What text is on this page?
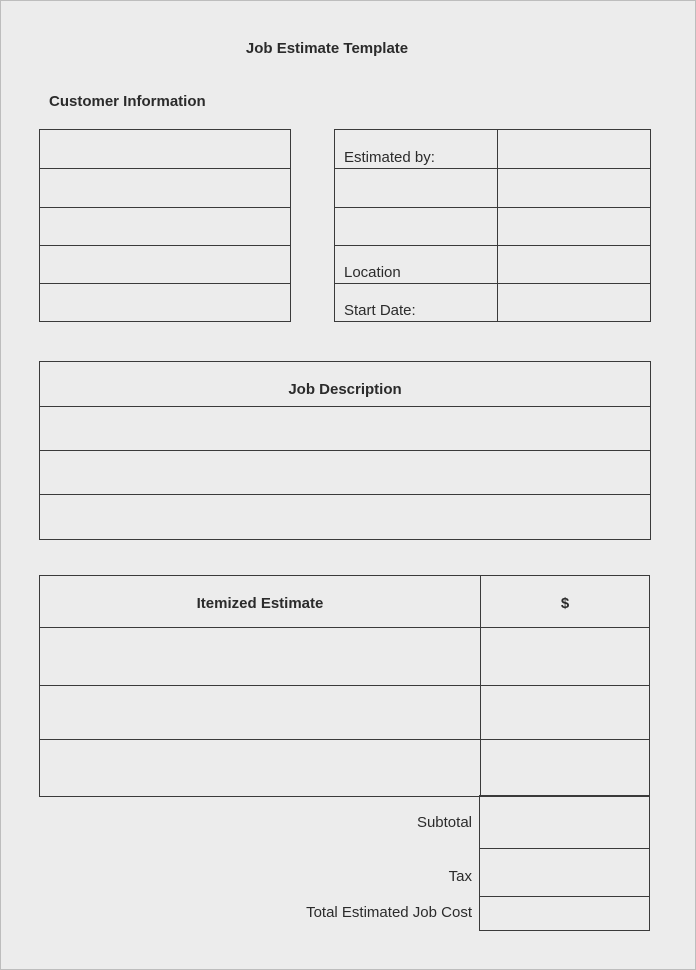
Job Estimate Template
Customer Information
Estimated by:
Location
Start Date:
Job Description
Itemized Estimate	$
Subtotal
Tax
Total Estimated Job Cost
